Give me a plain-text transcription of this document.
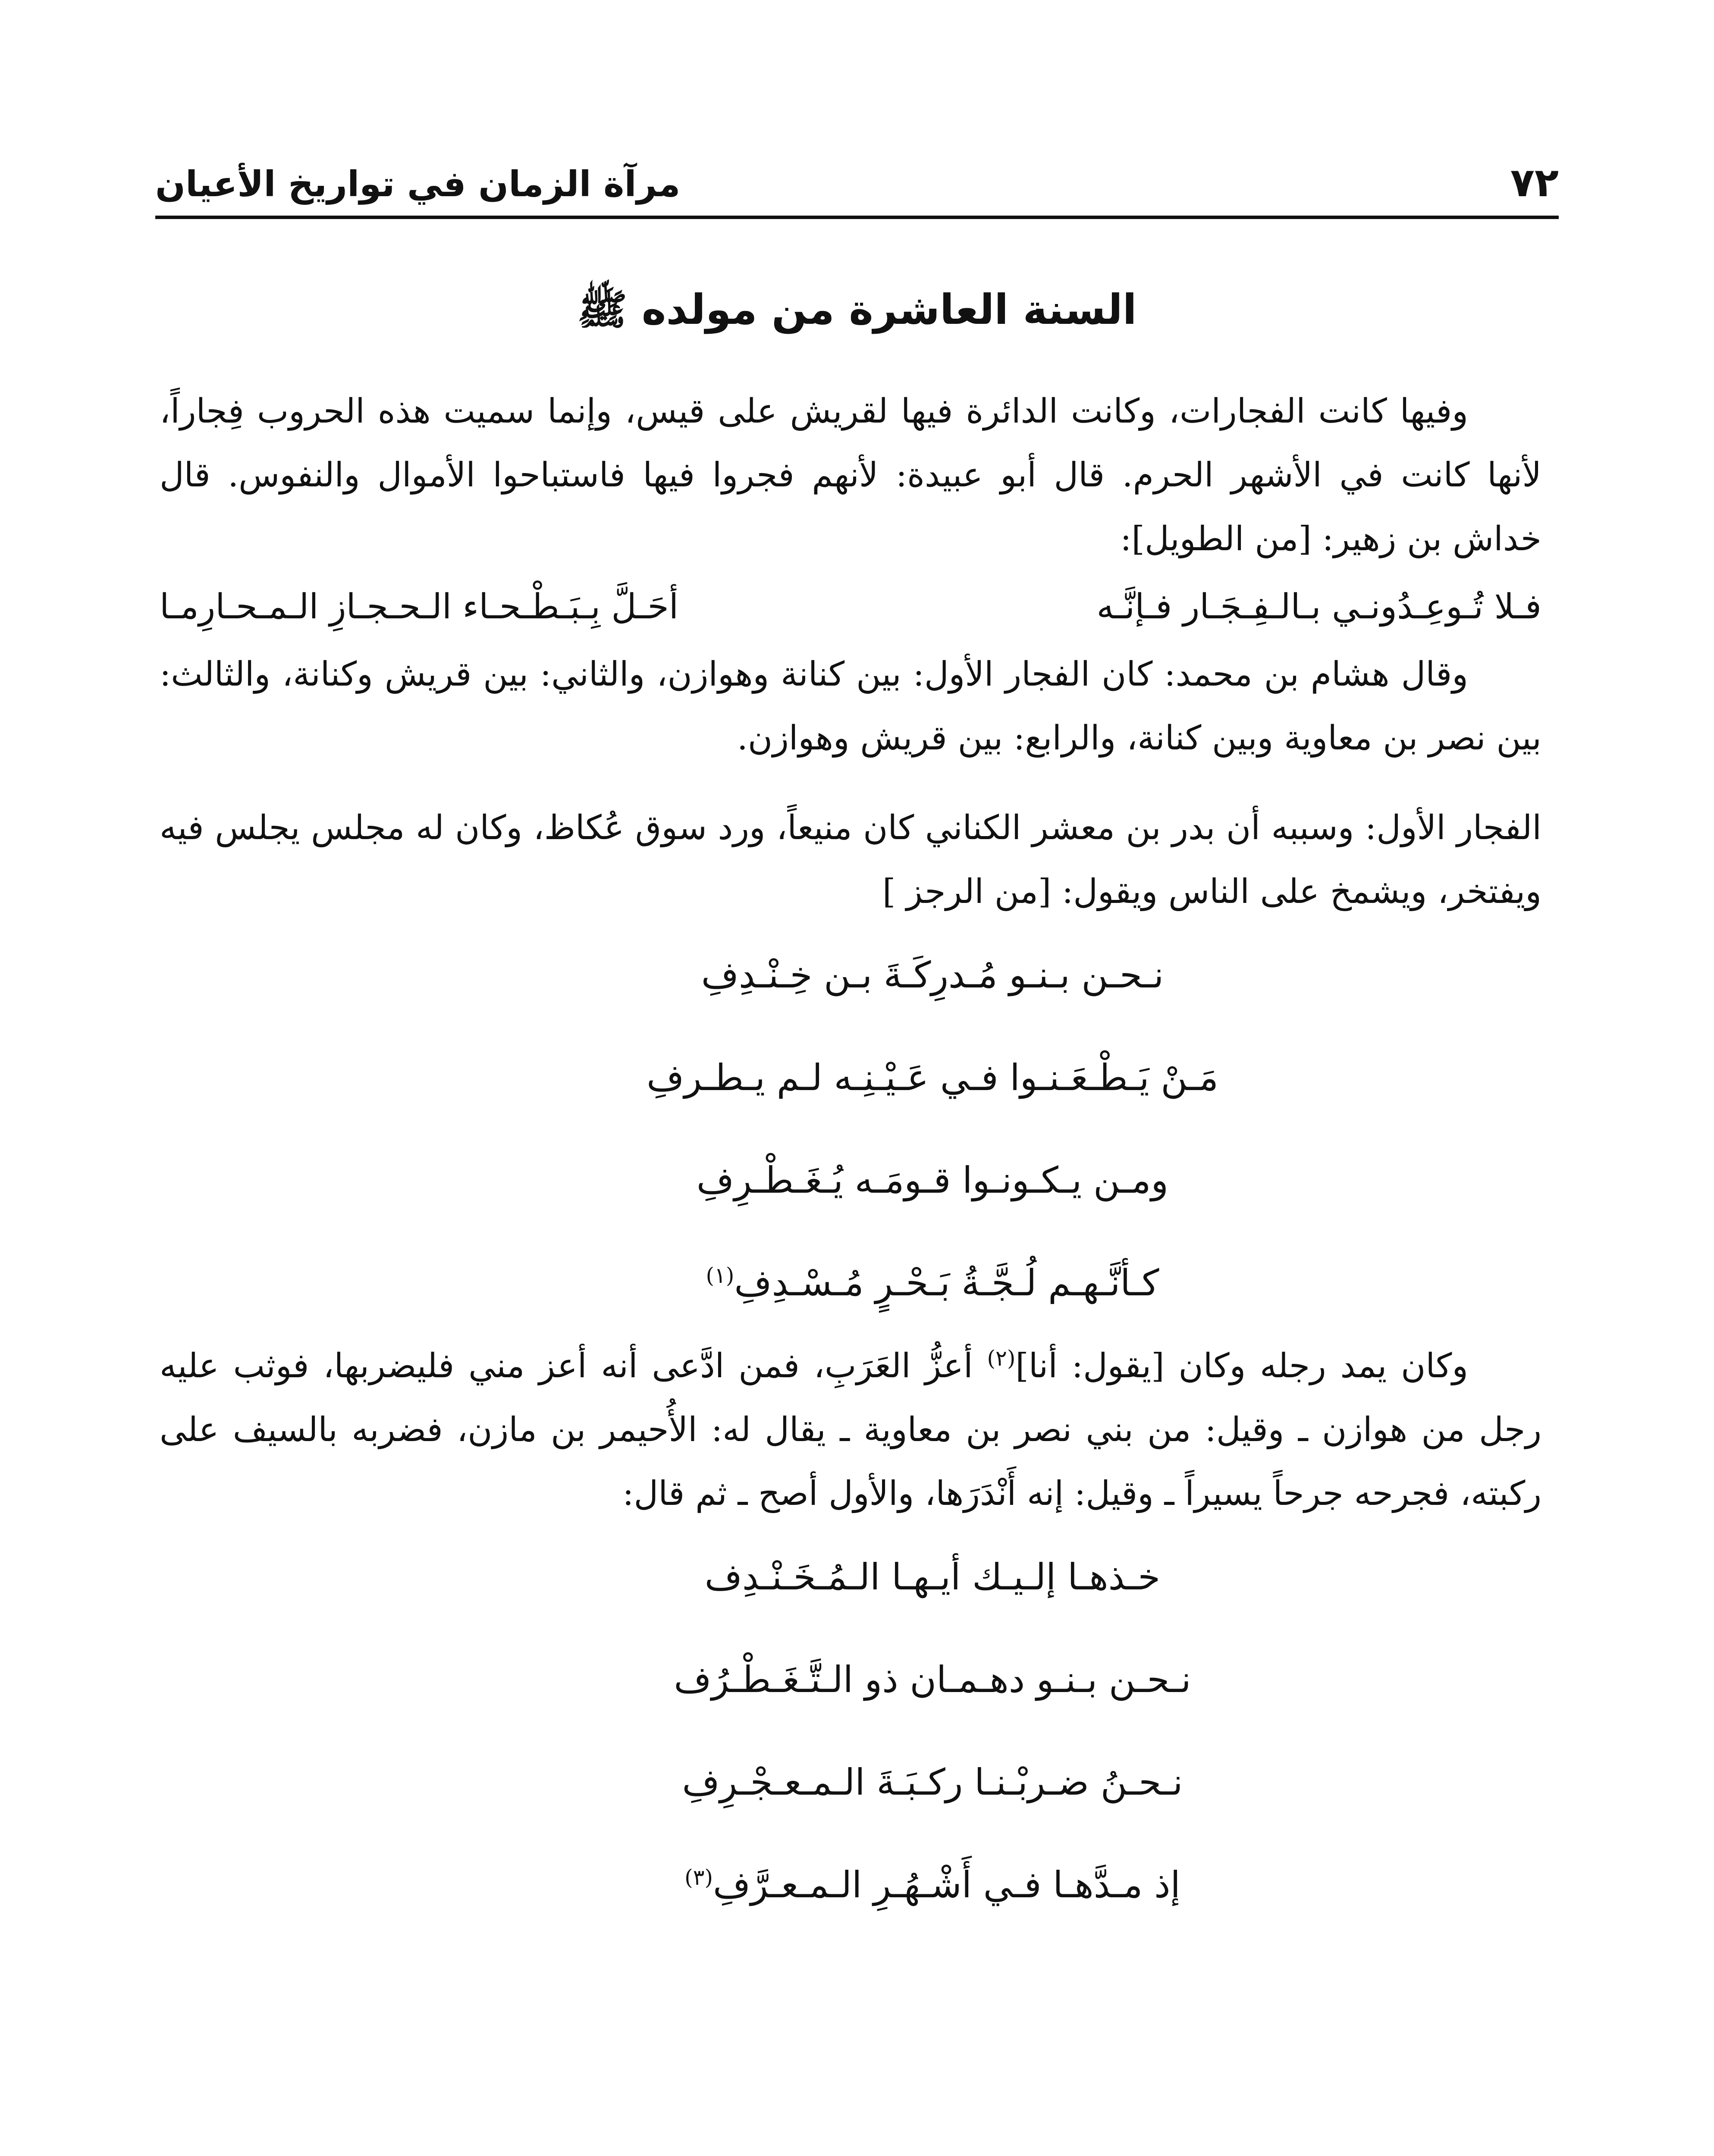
٧٢
مرآة الزمان في تواريخ الأعيان
السنة العاشرة من مولده ﷺ

وفيها كانت الفجارات، وكانت الدائرة فيها لقريش على قيس، وإنما سميت هذه الحروب فِجاراً، لأنها كانت في الأشهر الحرم. قال أبو عبيدة: لأنهم فجروا فيها فاستباحوا الأموال والنفوس. قال خداش بن زهير: [من الطويل]:

فـلا تُـوعِـدُونـي بـالـفِـجَـار فـإنَّـه
أحَـلَّ بِـبَـطْـحـاء الـحـجـازِ الـمـحـارِمـا

وقال هشام بن محمد: كان الفجار الأول: بين كنانة وهوازن، والثاني: بين قريش وكنانة، والثالث: بين نصر بن معاوية وبين كنانة، والرابع: بين قريش وهوازن.

الفجار الأول: وسببه أن بدر بن معشر الكناني كان منيعاً، ورد سوق عُكاظ، وكان له مجلس يجلس فيه ويفتخر، ويشمخ على الناس ويقول: [من الرجز ]

نـحـن بـنـو مُـدرِكَـةَ بـن خِـنْـدِفِ
مَـنْ يَـطْـعَـنـوا فـي عَـيْـنِـه لـم يـطـرفِ
ومـن يـكـونـوا قـومَـه يُـغَـطْـرِفِ
كـأنَّـهـم لُـجَّـةُ بَـحْـرٍ مُـسْـدِفِ$^{(١)}$

وكان يمد رجله وكان [يقول: أنا]$^{(٢)}$ أعزُّ العَرَبِ، فمن ادَّعى أنه أعز مني فليضربها، فوثب عليه رجل من هوازن ـ وقيل: من بني نصر بن معاوية ـ يقال له: الأُحيمر بن مازن، فضربه بالسيف على ركبته، فجرحه جرحاً يسيراً ـ وقيل: إنه أَنْدَرَها، والأول أصح ـ ثم قال:

خـذهـا إلـيـك أيـهـا الـمُـخَـنْـدِف
نـحـن بـنـو دهـمـان ذو الـتَّـغَـطْـرُف
نـحـنُ ضـربْـنـا ركـبَـةَ الـمـعـجْـرِفِ
إذ مـدَّهـا فـي أَشْـهُـرِ الـمـعـرَّفِ$^{(٣)}$
